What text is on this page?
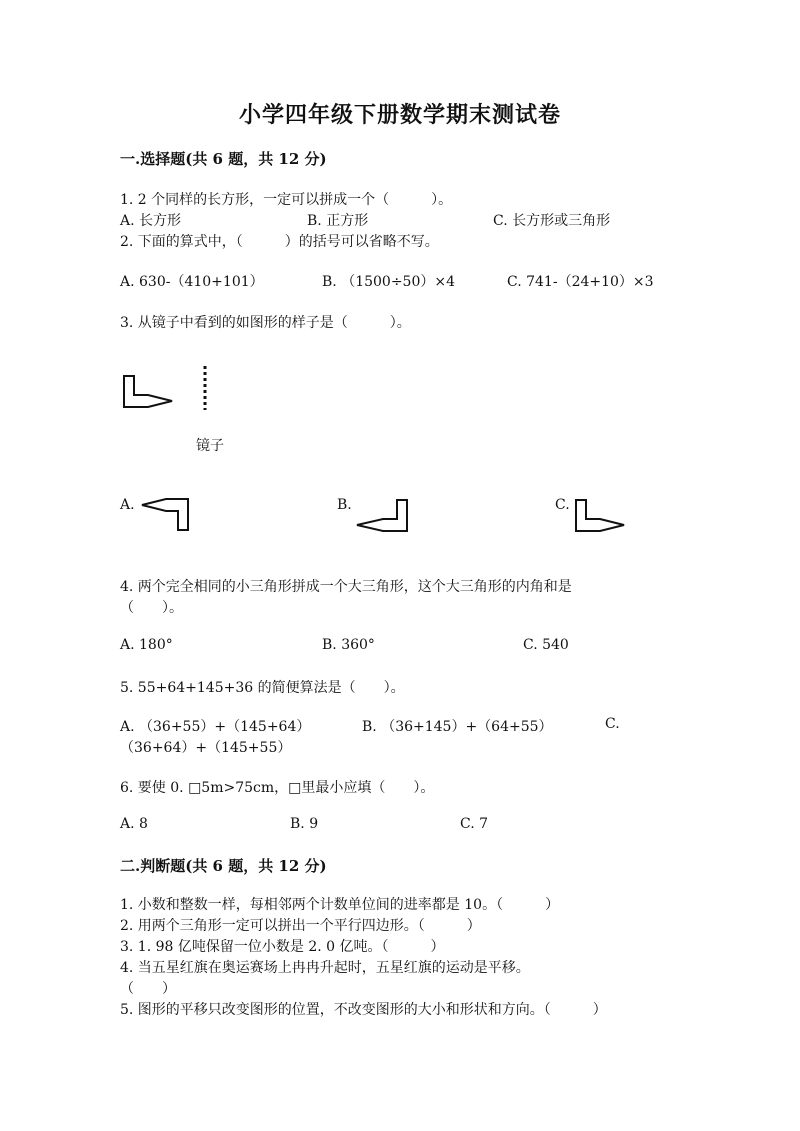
小学四年级下册数学期末测试卷
一.选择题(共 6 题，共 12 分)
1. 2 个同样的长方形，一定可以拼成一个（　　　）。
A. 长方形	B. 正方形	C. 长方形或三角形
2. 下面的算式中，（　　　）的括号可以省略不写。
A. 630-（410+101）	B. （1500÷50）×4	C. 741-（24+10）×3
3. 从镜子中看到的如图形的样子是（　　　）。
镜子
A.	B.	C.
4. 两个完全相同的小三角形拼成一个大三角形，这个大三角形的内角和是
（　　）。
A. 180°	B. 360°	C. 540
5. 55+64+145+36 的简便算法是（　　）。
A. （36+55）+（145+64）	B. （36+145）+（64+55）	C.
（36+64）+（145+55）
6. 要使 0. □5m>75cm，□里最小应填（　　）。
A. 8	B. 9	C. 7
二.判断题(共 6 题，共 12 分)
1. 小数和整数一样，每相邻两个计数单位间的进率都是 10。（　　　）
2. 用两个三角形一定可以拼出一个平行四边形。（　　　）
3. 1. 98 亿吨保留一位小数是 2. 0 亿吨。（　　　）
4. 当五星红旗在奥运赛场上冉冉升起时，五星红旗的运动是平移。
（　　）
5. 图形的平移只改变图形的位置，不改变图形的大小和形状和方向。（　　　）
